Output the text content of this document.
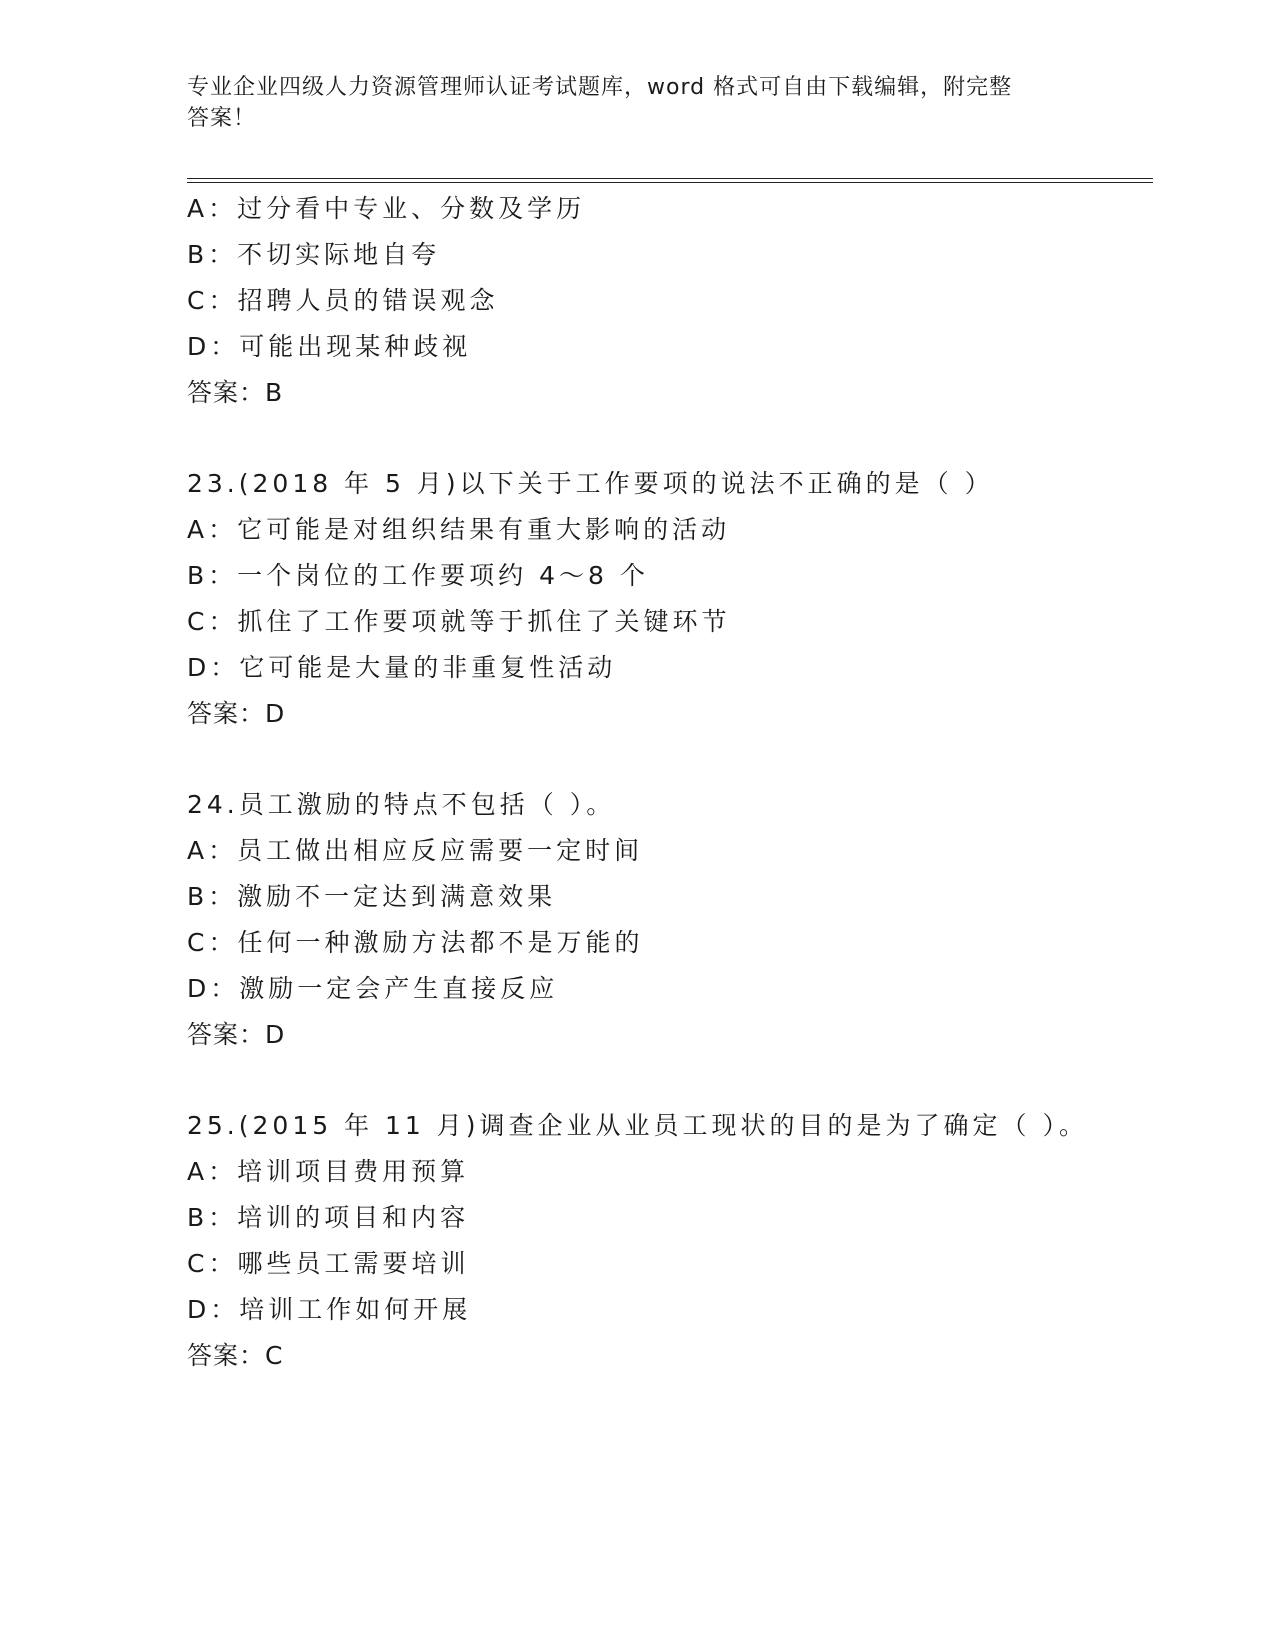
专业企业四级人力资源管理师认证考试题库，word 格式可自由下载编辑，附完整
答案！
A：过分看中专业、分数及学历
B：不切实际地自夸
C：招聘人员的错误观念
D：可能出现某种歧视
答案：B
23.(2018 年 5 月)以下关于工作要项的说法不正确的是（ ）
A：它可能是对组织结果有重大影响的活动
B：一个岗位的工作要项约 4～8 个
C：抓住了工作要项就等于抓住了关键环节
D：它可能是大量的非重复性活动
答案：D
24.员工激励的特点不包括（ ）。
A：员工做出相应反应需要一定时间
B：激励不一定达到满意效果
C：任何一种激励方法都不是万能的
D：激励一定会产生直接反应
答案：D
25.(2015 年 11 月)调查企业从业员工现状的目的是为了确定（ ）。
A：培训项目费用预算
B：培训的项目和内容
C：哪些员工需要培训
D：培训工作如何开展
答案：C
